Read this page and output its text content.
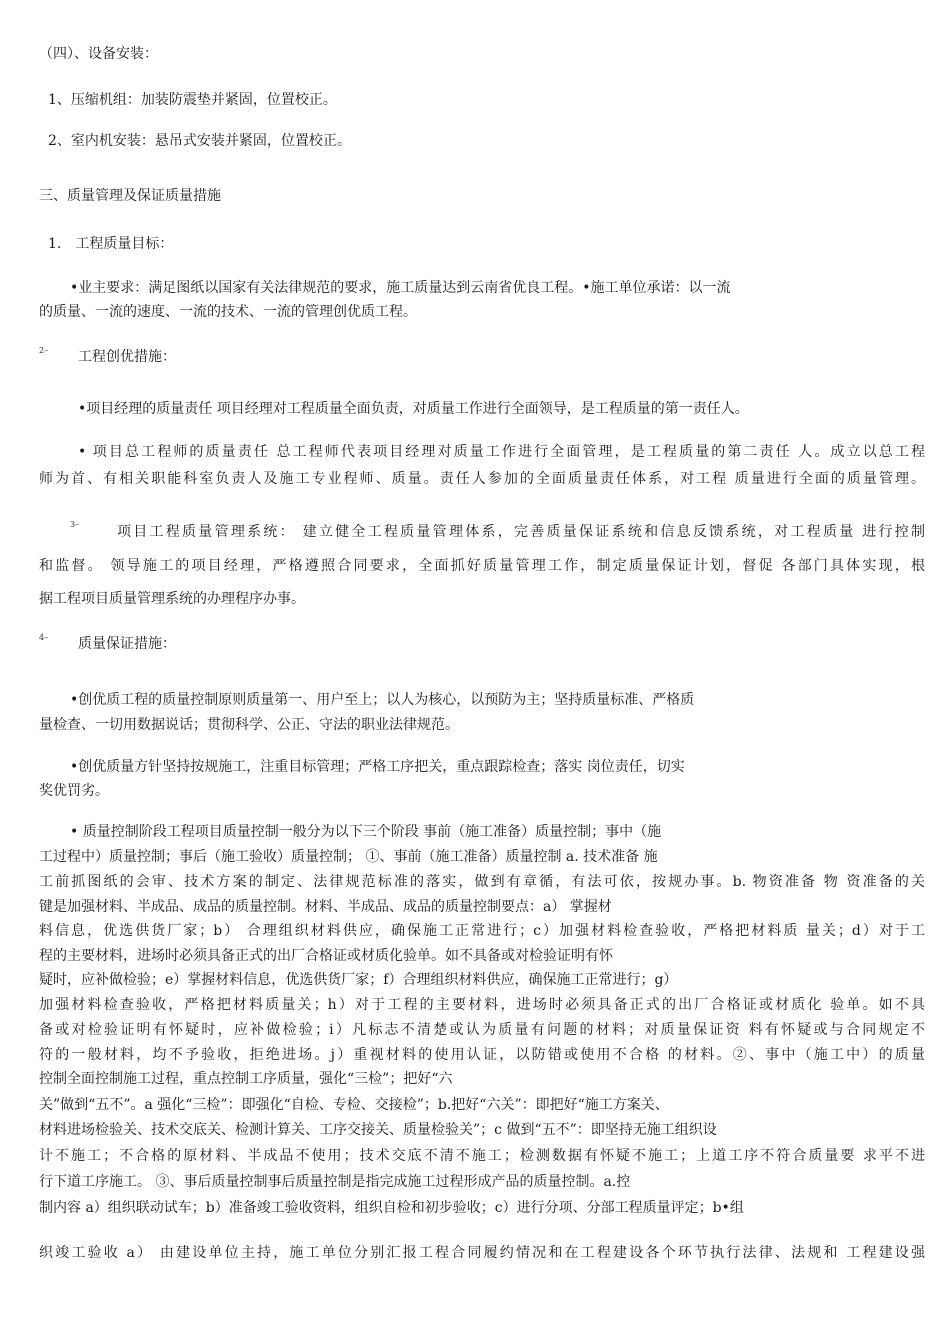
（四）、设备安装：
1、压缩机组：加装防震垫并紧固，位置校正。
2、室内机安装：悬吊式安装并紧固，位置校正。
三、质量管理及保证质量措施
1.　工程质量目标：
•业主要求：满足图纸以国家有关法律规范的要求，施工质量达到云南省优良工程。•施工单位承诺：以一流
的质量、一流的速度、一流的技术、一流的管理创优质工程。
2– 工程创优措施：
•项目经理的质量责任 项目经理对工程质量全面负责，对质量工作进行全面领导，是工程质量的第一责任人。
• 项目总工程师的质量责任 总工程师代表项目经理对质量工作进行全面管理，是工程质量的第二责任 人。成立以总工程
师为首、有相关职能科室负责人及施工专业程师、质量。责任人参加的全面质量责任体系，对工程 质量进行全面的质量管理。
3–	项目工程质量管理系统： 建立健全工程质量管理体系，完善质量保证系统和信息反馈系统，对工程质量 进行控制
和监督。 领导施工的项目经理，严格遵照合同要求，全面抓好质量管理工作，制定质量保证计划，督促 各部门具体实现，根
据工程项目质量管理系统的办理程序办事。
4– 质量保证措施：
•创优质工程的质量控制原则质量第一、用户至上；以人为核心，以预防为主；坚持质量标准、严格质
量检查、一切用数据说话；贯彻科学、公正、守法的职业法律规范。
•创优质量方针坚持按规施工，注重目标管理；严格工序把关，重点跟踪检查；落实 岗位责任，切实
奖优罚劣。
• 质量控制阶段工程项目质量控制一般分为以下三个阶段 事前（施工准备）质量控制；事中（施
工过程中）质量控制；事后（施工验收）质量控制； ①、事前（施工准备）质量控制 a. 技术准备 施
工前抓图纸的会审、技术方案的制定、法律规范标准的落实，做到有章循，有法可依，按规办事。b. 物资准备 物 资准备的关
键是加强材料、半成品、成品的质量控制。材料、半成品、成品的质量控制要点：a） 掌握材
料信息，优选供货厂家；b） 合理组织材料供应，确保施工正常进行；c）加强材料检查验收，严格把材料质 量关；d）对于工
程的主要材料，进场时必须具备正式的出厂合格证或材质化验单。如不具备或对检验证明有怀
疑时，应补做检验；e）掌握材料信息，优选供货厂家；f）合理组织材料供应，确保施工正常进行；g）
加强材料检查验收，严格把材料质量关；h）对于工程的主要材料，进场时必须具备正式的出厂合格证或材质化 验单。如不具
备或对检验证明有怀疑时，应补做检验；i）凡标志不清楚或认为质量有问题的材料；对质量保证资 料有怀疑或与合同规定不
符的一般材料，均不予验收，拒绝进场。j）重视材料的使用认证，以防错或使用不合格 的材料。②、事中（施工中）的质量
控制全面控制施工过程，重点控制工序质量，强化“三检”；把好“六
关”做到“五不”。a 强化“三检”：即强化“自检、专检、交接检”；b.把好“六关”：即把好“施工方案关、
材料进场检验关、技术交底关、检测计算关、工序交接关、质量检验关”；c 做到“五不”：即坚持无施工组织设
计不施工；不合格的原材料、半成品不使用；技术交底不清不施工；检测数据有怀疑不施工；上道工序不符合质量要 求平不进
行下道工序施工。 ③、事后质量控制事后质量控制是指完成施工过程形成产品的质量控制。a.控
制内容 a）组织联动试车；b）准备竣工验收资料，组织自检和初步验收；c）进行分项、分部工程质量评定；b•组
织竣工验收 a） 由建设单位主持，施工单位分别汇报工程合同履约情况和在工程建设各个环节执行法律、法规和 工程建设强
